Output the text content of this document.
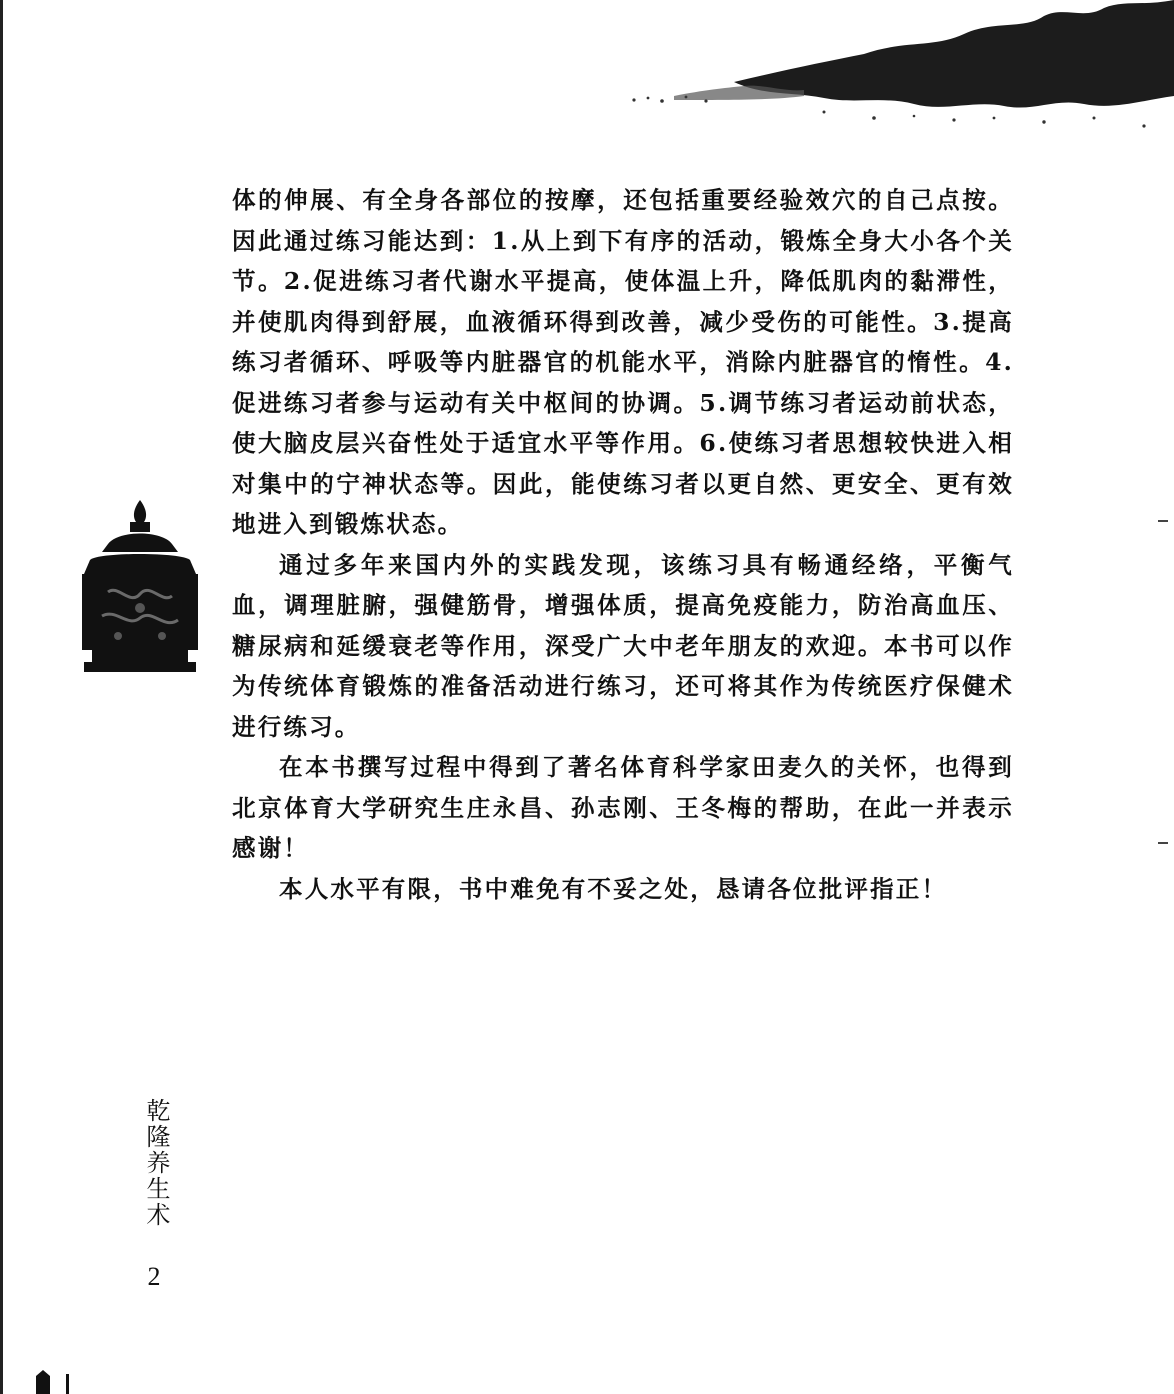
体的伸展、有全身各部位的按摩，还包括重要经验效穴的自己点按。因此通过练习能达到：1.从上到下有序的活动，锻炼全身大小各个关节。2.促进练习者代谢水平提高，使体温上升，降低肌肉的黏滞性，并使肌肉得到舒展，血液循环得到改善，减少受伤的可能性。3.提高练习者循环、呼吸等内脏器官的机能水平，消除内脏器官的惰性。4.促进练习者参与运动有关中枢间的协调。5.调节练习者运动前状态，使大脑皮层兴奋性处于适宜水平等作用。6.使练习者思想较快进入相对集中的宁神状态等。因此，能使练习者以更自然、更安全、更有效地进入到锻炼状态。

通过多年来国内外的实践发现，该练习具有畅通经络，平衡气血，调理脏腑，强健筋骨，增强体质，提高免疫能力，防治高血压、糖尿病和延缓衰老等作用，深受广大中老年朋友的欢迎。本书可以作为传统体育锻炼的准备活动进行练习，还可将其作为传统医疗保健术进行练习。

在本书撰写过程中得到了著名体育科学家田麦久的关怀，也得到北京体育大学研究生庄永昌、孙志刚、王冬梅的帮助，在此一并表示感谢！

本人水平有限，书中难免有不妥之处，恳请各位批评指正！

乾隆养生术
2
